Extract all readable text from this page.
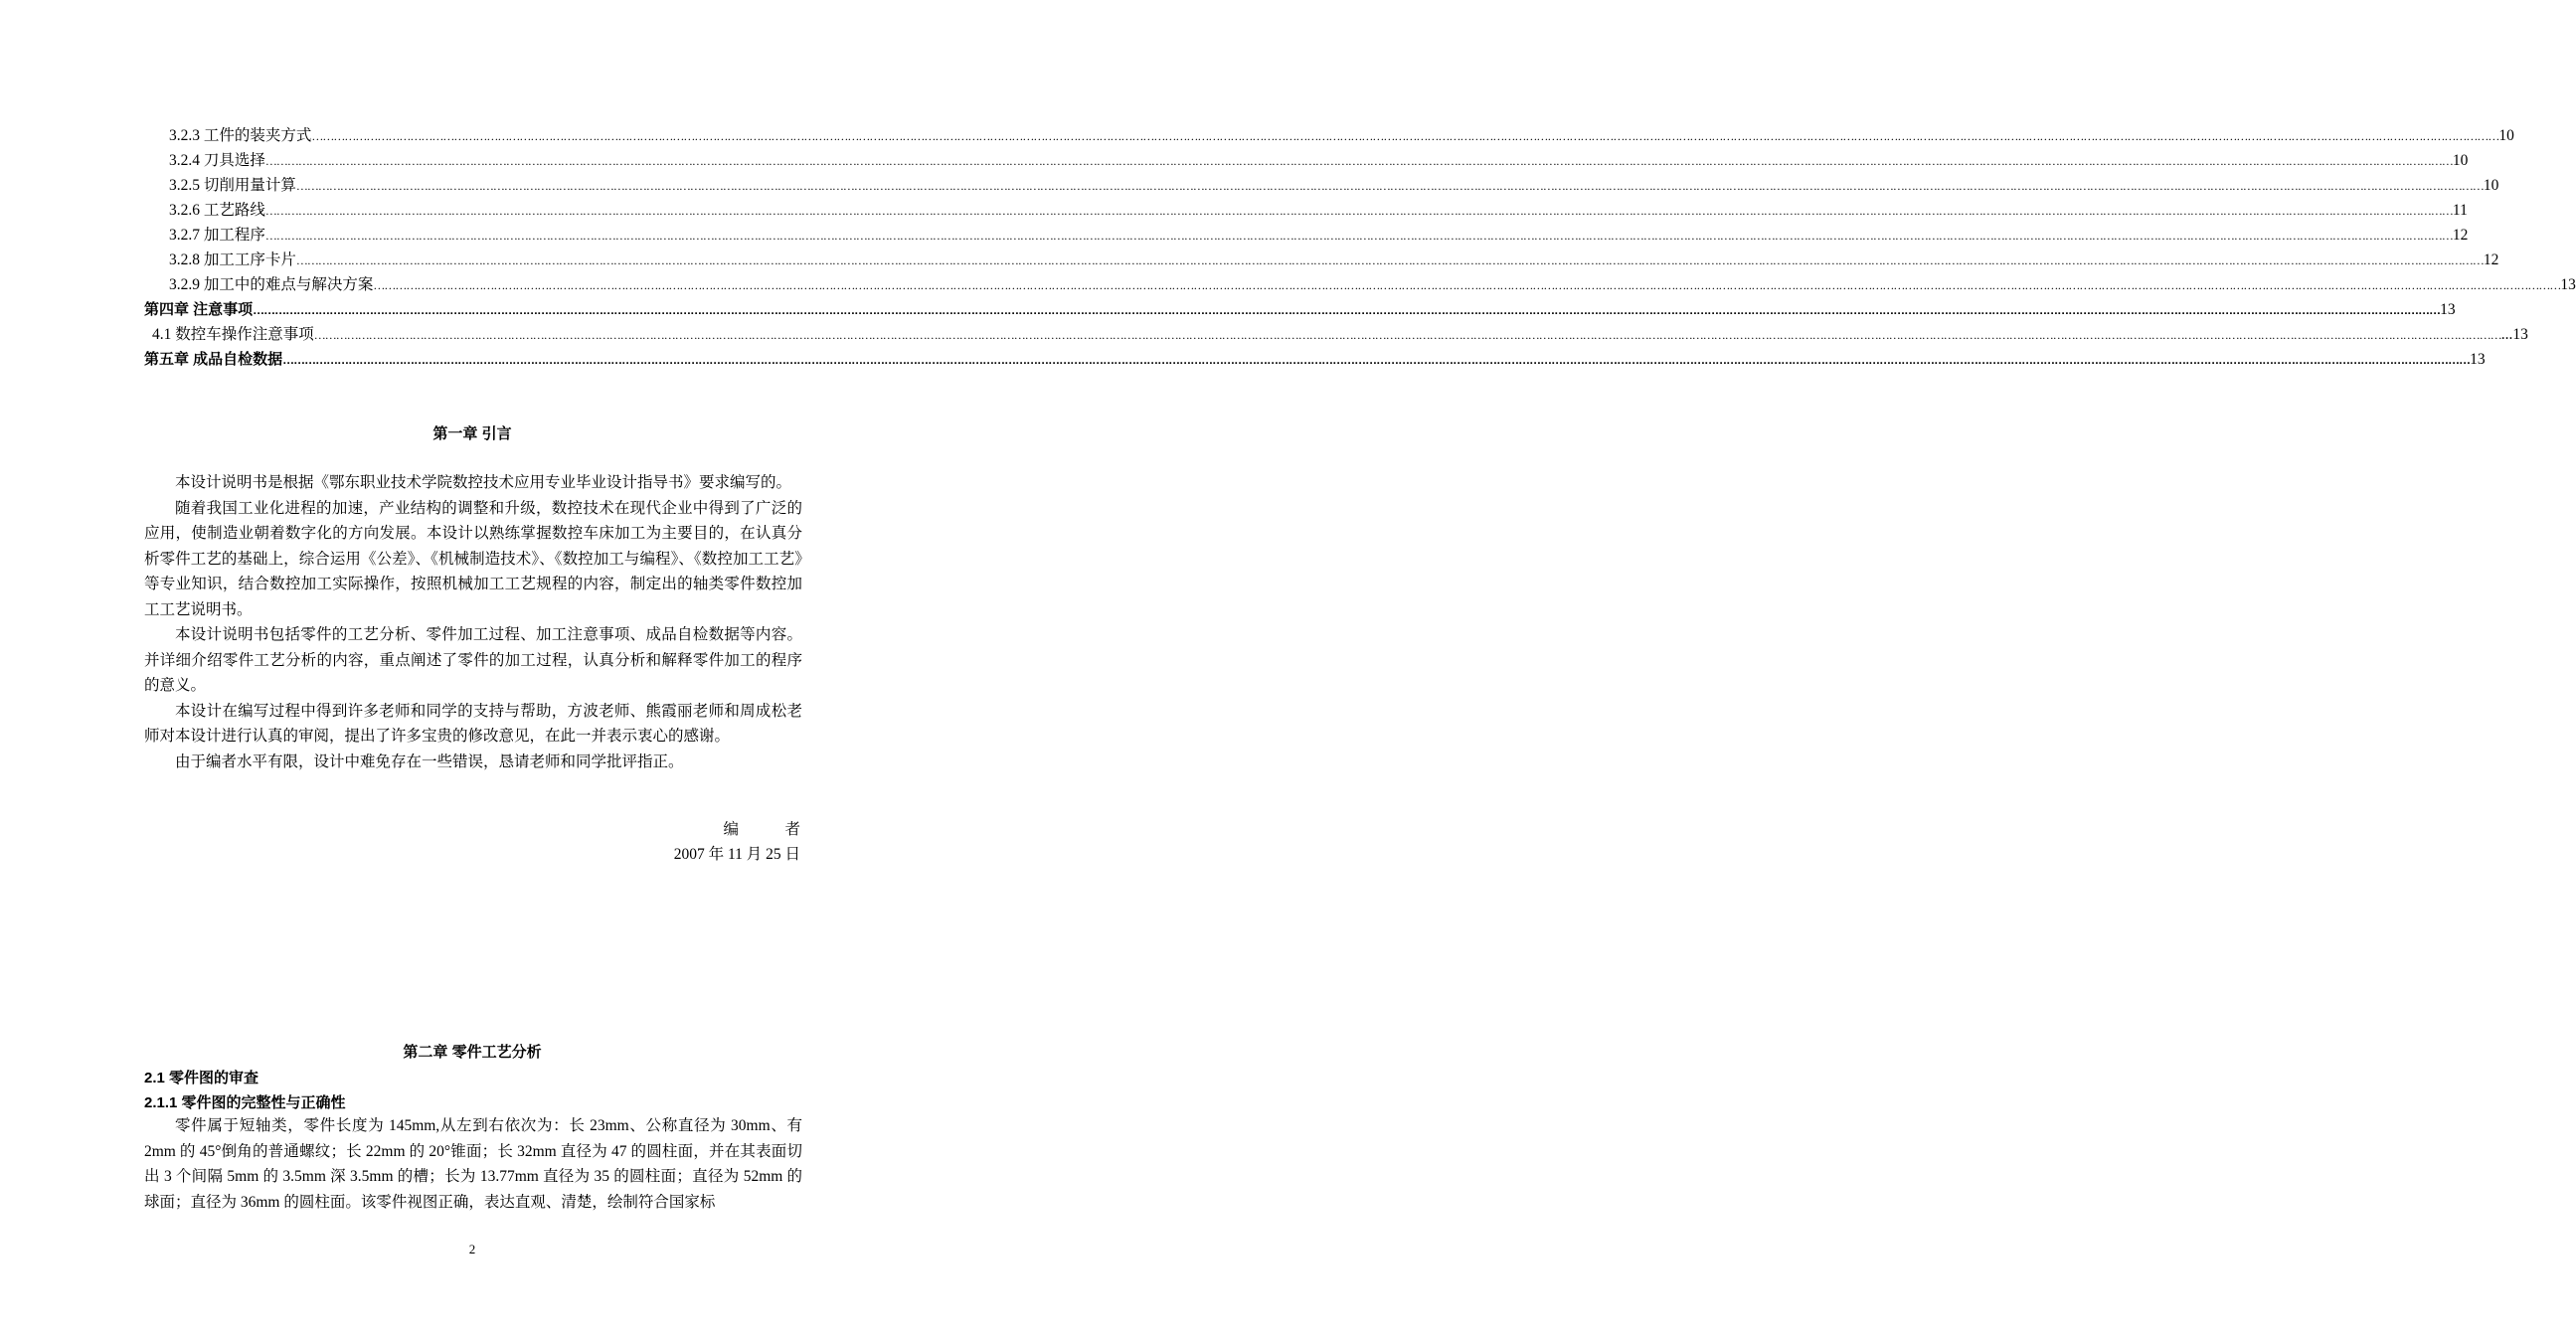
3.2.3 工件的装夹方式 …………………………………………………………………………………………………………………………………………………………………………………………………………………………………………………………………………………………………………………………………………………………………………………………………………………………………………………………………………………………………………………………………………………… 10
3.2.4 刀具选择 …………………………………………………………………………………………………………………………………………………………………………………………………………………………………………………………………………………………………………………………………………………………………………………………………………………………………………………………………………………………………………………………………………………… 10
3.2.5 切削用量计算 …………………………………………………………………………………………………………………………………………………………………………………………………………………………………………………………………………………………………………………………………………………………………………………………………………………………………………………………………………………………………………………………………………………… 10
3.2.6 工艺路线 …………………………………………………………………………………………………………………………………………………………………………………………………………………………………………………………………………………………………………………………………………………………………………………………………………………………………………………………………………………………………………………………………………………… 11
3.2.7 加工程序 …………………………………………………………………………………………………………………………………………………………………………………………………………………………………………………………………………………………………………………………………………………………………………………………………………………………………………………………………………………………………………………………………………………… 12
3.2.8 加工工序卡片 …………………………………………………………………………………………………………………………………………………………………………………………………………………………………………………………………………………………………………………………………………………………………………………………………………………………………………………………………………………………………………………………………………………… 12
3.2.9 加工中的难点与解决方案 …………………………………………………………………………………………………………………………………………………………………………………………………………………………………………………………………………………………………………………………………………………………………………………………………………………………………………………………………………………………………………………………………………………… 13
第四章 注意事项 …………………………………………………………………………………………………………………………………………………………………………………………………………………………………………………………………………………………………………………………………………………………………………………………………………………………………………………………………………………………………………………………………………………… 13
4.1 数控车操作注意事项 …………………………………………………………………………………………………………………………………………………………………………………………………………………………………………………………………………………………………………………………………………………………………………………………………………………………………………………………………………………………………………………………………………………… ...13
第五章 成品自检数据 …………………………………………………………………………………………………………………………………………………………………………………………………………………………………………………………………………………………………………………………………………………………………………………………………………………………………………………………………………………………………………………………………………………… 13
第一章 引言

本设计说明书是根据《鄂东职业技术学院数控技术应用专业毕业设计指导书》要求编写的。

随着我国工业化进程的加速，产业结构的调整和升级，数控技术在现代企业中得到了广泛的应用，使制造业朝着数字化的方向发展。本设计以熟练掌握数控车床加工为主要目的，在认真分析零件工艺的基础上，综合运用《公差》、《机械制造技术》、《数控加工与编程》、《数控加工工艺》等专业知识，结合数控加工实际操作，按照机械加工工艺规程的内容，制定出的轴类零件数控加工工艺说明书。

本设计说明书包括零件的工艺分析、零件加工过程、加工注意事项、成品自检数据等内容。并详细介绍零件工艺分析的内容，重点阐述了零件的加工过程，认真分析和解释零件加工的程序的意义。

本设计在编写过程中得到许多老师和同学的支持与帮助，方波老师、熊霞丽老师和周成松老师对本设计进行认真的审阅，提出了许多宝贵的修改意见，在此一并表示衷心的感谢。

由于编者水平有限，设计中难免存在一些错误，恳请老师和同学批评指正。

编　　　者
2007 年 11 月 25 日
第二章 零件工艺分析
2.1 零件图的审查
2.1.1 零件图的完整性与正确性

零件属于短轴类，零件长度为 145mm,从左到右依次为：长 23mm、公称直径为 30mm、有 2mm 的 45°倒角的普通螺纹；长 22mm 的 20°锥面；长 32mm 直径为 47 的圆柱面，并在其表面切出 3 个间隔 5mm 的 3.5mm 深 3.5mm 的槽；长为 13.77mm 直径为 35 的圆柱面；直径为 52mm 的球面；直径为 36mm 的圆柱面。该零件视图正确，表达直观、清楚，绘制符合国家标

2
